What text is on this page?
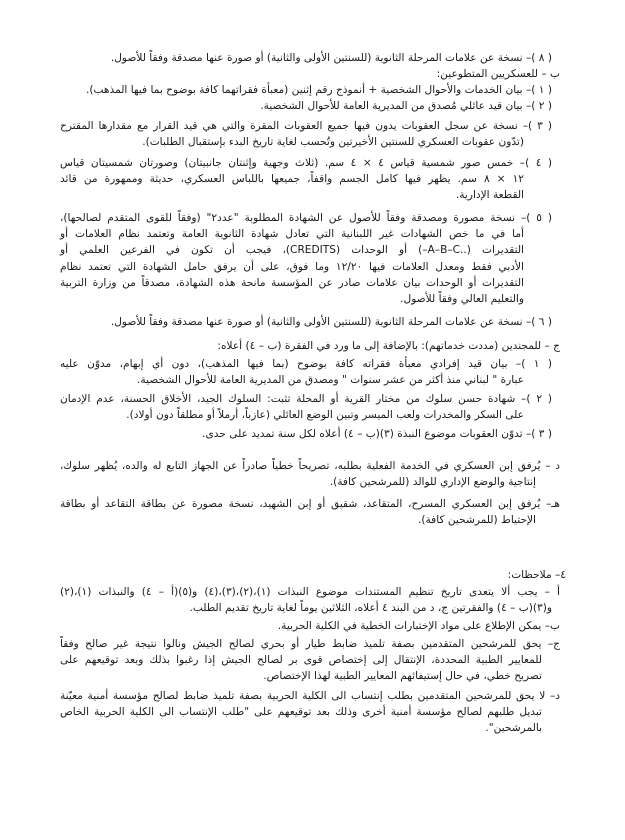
( ٨ )– نسخة عن علامات المرحلة الثانوية (للسنتين الأولى والثانية) أو صورة عنها مصدقة وفقاً للأصول.
ب – للعسكريين المتطوعين:
( ١ )– بيان الخدمات والأحوال الشخصية + أنموذج رقم إثنين (معبأة فقراتهما كافة بوضوح بما فيها المذهب).
( ٢ )– بيان قيد عائلي مُصدق من المديرية العامة للأحوال الشخصية.
( ٣ )– نسخة عن سجل العقوبات يدون فيها جميع العقوبات المقرة والتي هي قيد القرار مع مقدارها المقترح
(تدّون عقوبات العسكري للسنتين الأخيرتين وتُحسب لغاية تاريخ البدء بإستقبال الطلبات).
( ٤ )– خمس صور شمسية قياس ٤ × ٤ سم. (ثلاث وجهية وإثنتان جانبيتان) وصورتان شمسيتان قياس
١٢ × ٨ سم. يظهر فيها كامل الجسم واقفاً، جميعها باللباس العسكري، حديثة وممهورة من قائد
القطعة الإدارية.
( ٥ )– نسخة مصورة ومصدقة وفقاً للأصول عن الشهادة المطلوبة "عدد٢" (وفقاً للقوى المتقدم لصالحها)،
أما في ما خص الشهادات غير اللبنانية التي تعادل شهادة الثانوية العامة وتعتمد نظام العلامات أو
التقديرات (..A–B–C–) أو الوحدات (CREDITS)، فيجب أن تكون في الفرعين العلمي أو
الأدبي فقط ومعدل العلامات فيها ١٢/٢٠ وما فوق، على أن يرفق حامل الشهادة التي تعتمد نظام
التقديرات أو الوحدات بيان علامات صادر عن المؤسسة مانحة هذه الشهادة، مصدقاً من وزارة التربية
والتعليم العالي وفقاً للأصول.
( ٦ )– نسخة عن علامات المرحلة الثانوية (للسنتين الأولى والثانية) أو صورة عنها مصدقة وفقاً للأصول.
ج – للمجندين (مددت خدماتهم): بالإضافة إلى ما ورد في الفقرة (ب – ٤) أعلاه:
( ١ )– بيان قيد إفرادي معبأة فقراته كافة بوضوح (بما فيها المذهب)، دون أي إبهام، مدوّن عليه
عبارة " لبناني منذ أكثر من عشر سنوات " ومصدق من المديرية العامة للأحوال الشخصية.
( ٢ )– شهادة حسن سلوك من مختار القرية أو المحلة تثبت: السلوك الجيد، الأخلاق الحسنة، عدم الإدمان
على السكر والمخدرات ولعب الميسر وتبين الوضع العائلي (عازباً، أرملاً أو مطلقاً دون أولاد).
( ٣ )– تدوّن العقوبات موضوع النبذة (٣)(ب – ٤) أعلاه لكل سنة تمديد على حدى.
د – يُرفق إبن العسكري في الخدمة الفعلية بطلبه، تصريحاً خطياً صادراً عن الجهاز التابع له والده، يُظهر سلوك،
إنتاجية والوضع الإداري للوالد (للمرشحين كافة).
هـ– يُرفق إبن العسكري المسرح، المتقاعد، شقيق أو إبن الشهيد، نسخة مصورة عن بطاقة التقاعد أو بطاقة
الإحتياط (للمرشحين كافة).
٤– ملاحظات:
أ – يجب ألا يتعدى تاريخ تنظيم المستندات موضوع النبذات (١)،(٢)،(٣)،(٤) و(٥)(أ – ٤) والنبذات (١)،(٢)
و(٣)(ب – ٤) والفقرتين ج، د من البند ٤ أعلاه، الثلاثين يوماً لغاية تاريخ تقديم الطلب.
ب– يمكن الإطلاع على مواد الإختبارات الخطية في الكلية الحربية.
ج– يحق للمرشحين المتقدمين بصفة تلميذ ضابط طيار أو بحري لصالح الجيش ونالوا نتيجة غير صالح وفقاً
للمعايير الطبية المحددة، الإنتقال إلى إختصاص قوى بر لصالح الجيش إذا رغبوا بذلك وبعد توقيعهم على
تصريح خطي، في حال إستيفائهم المعايير الطبية لهذا الإختصاص.
د– لا يحق للمرشحين المتقدمين بطلب إنتساب الى الكلية الحربية بصفة تلميذ ضابط لصالح مؤسسة أمنية معيّنة
تبديل طلبهم لصالح مؤسسة أمنية أخرى وذلك بعد توقيعهم على "طلب الإنتساب الى الكلية الحربية الخاص
بالمرشحين".
